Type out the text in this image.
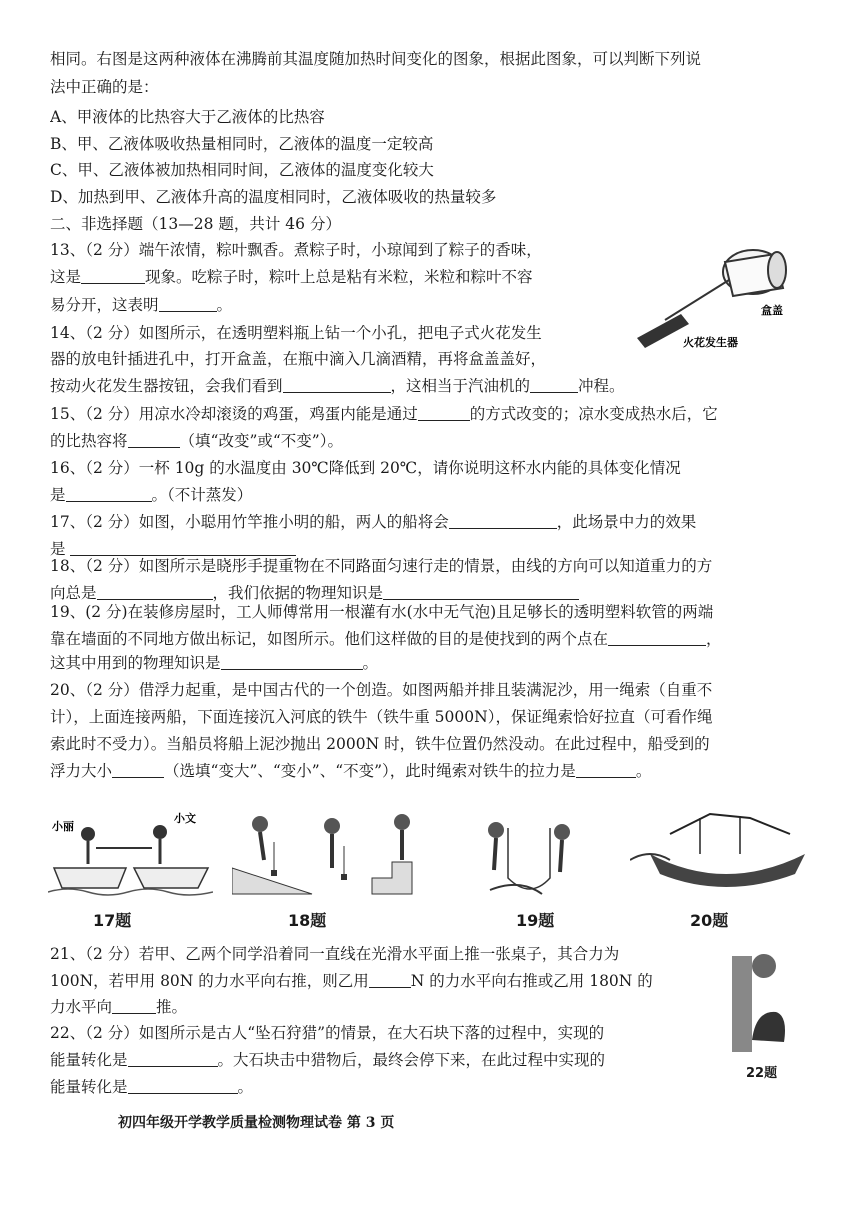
相同。右图是这两种液体在沸腾前其温度随加热时间变化的图象，根据此图象，可以判断下列说
法中正确的是：
A、甲液体的比热容大于乙液体的比热容
B、甲、乙液体吸收热量相同时，乙液体的温度一定较高
C、甲、乙液体被加热相同时间，乙液体的温度变化较大
D、加热到甲、乙液体升高的温度相同时，乙液体吸收的热量较多
二、非选择题（13—28 题，共计 46 分）
13、（2 分）端午浓情，粽叶飘香。煮粽子时，小琼闻到了粽子的香味，
这是	现象。吃粽子时，粽叶上总是粘有米粒，米粒和粽叶不容
易分开，这表明	。	盒盖
火花发生器
14、（2 分）如图所示，在透明塑料瓶上钻一个小孔，把电子式火花发生
器的放电针插进孔中，打开盒盖，在瓶中滴入几滴酒精，再将盒盖盖好，
按动火花发生器按钮，会我们看到	，这相当于汽油机的	冲程。
15、（2 分）用凉水冷却滚烫的鸡蛋，鸡蛋内能是通过	的方式改变的；凉水变成热水后，它
的比热容将	（填“改变”或“不变”）。
16、（2 分）一杯 10g 的水温度由 30℃降低到 20℃，请你说明这杯水内能的具体变化情况
是	。（不计蒸发）
17、（2 分）如图，小聪用竹竿推小明的船，两人的船将会	，此场景中力的效果
是
18、（2 分）如图所示是晓彤手提重物在不同路面匀速行走的情景，由线的方向可以知道重力的方
向总是	，我们依据的物理知识是
19、(2 分)在装修房屋时，工人师傅常用一根灌有水(水中无气泡)且足够长的透明塑料软管的两端
靠在墙面的不同地方做出标记，如图所示。他们这样做的目的是使找到的两个点在	，
这其中用到的物理知识是	。
20、（2 分）借浮力起重，是中国古代的一个创造。如图两船并排且装满泥沙，用一绳索（自重不
计），上面连接两船，下面连接沉入河底的铁牛（铁牛重 5000N），保证绳索恰好拉直（可看作绳
索此时不受力）。当船员将船上泥沙抛出 2000N 时，铁牛位置仍然没动。在此过程中，船受到的
浮力大小	（选填“变大”、“变小”、“不变”），此时绳索对铁牛的拉力是	。
小丽
小文
17题	18题	19题	20题
21、（2 分）若甲、乙两个同学沿着同一直线在光滑水平面上推一张桌子，其合力为
100N，若甲用 80N 的力水平向右推，则乙用	N 的力水平向右推或乙用 180N 的
力水平向	推。
22、（2 分）如图所示是古人“坠石狩猎”的情景，在大石块下落的过程中，实现的
能量转化是	。大石块击中猎物后，最终会停下来，在此过程中实现的
能量转化是	。
22题
初四年级开学教学质量检测物理试卷 第 3 页
